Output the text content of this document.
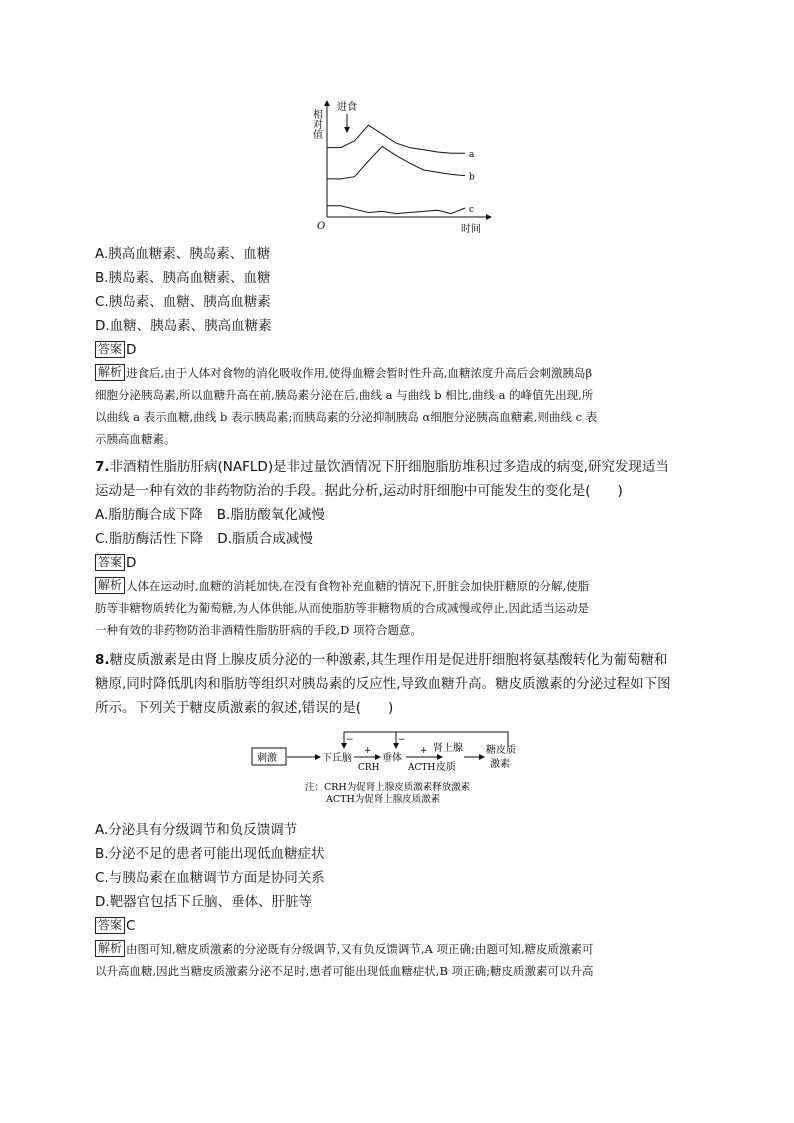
相对值
时间
O
进食
a
b
c
A.胰高血糖素、胰岛素、血糖
B.胰岛素、胰高血糖素、血糖
C.胰岛素、血糖、胰高血糖素
D.血糖、胰岛素、胰高血糖素
答案 D
解析 进食后,由于人体对食物的消化吸收作用,使得血糖会暂时性升高,血糖浓度升高后会刺激胰岛β
细胞分泌胰岛素,所以血糖升高在前,胰岛素分泌在后,曲线 a 与曲线 b 相比,曲线 a 的峰值先出现,所
以曲线 a 表示血糖,曲线 b 表示胰岛素;而胰岛素的分泌抑制胰岛 α细胞分泌胰高血糖素,则曲线 c 表
示胰高血糖素。
7.非酒精性脂肪肝病(NAFLD)是非过量饮酒情况下肝细胞脂肪堆积过多造成的病变,研究发现适当
运动是一种有效的非药物防治的手段。据此分析,运动时肝细胞中可能发生的变化是(　　)
A.脂肪酶合成下降 B.脂肪酸氧化减慢
C.脂肪酶活性下降 D.脂质合成减慢
答案 D
解析 人体在运动时,血糖的消耗加快,在没有食物补充血糖的情况下,肝脏会加快肝糖原的分解,使脂
肪等非糖物质转化为葡萄糖,为人体供能,从而使脂肪等非糖物质的合成减慢或停止,因此适当运动是
一种有效的非药物防治非酒精性脂肪肝病的手段,D 项符合题意。
8.糖皮质激素是由肾上腺皮质分泌的一种激素,其生理作用是促进肝细胞将氨基酸转化为葡萄糖和
糖原,同时降低肌肉和脂肪等组织对胰岛素的反应性,导致血糖升高。糖皮质激素的分泌过程如下图
所示。下列关于糖皮质激素的叙述,错误的是(　　)
刺激	下丘脑
+
CRH
垂体
+
ACTH
肾上腺
皮质
糖皮质
激素
−	−
注：CRH为促肾上腺皮质激素释放激素
ACTH为促肾上腺皮质激素
A.分泌具有分级调节和负反馈调节
B.分泌不足的患者可能出现低血糖症状
C.与胰岛素在血糖调节方面是协同关系
D.靶器官包括下丘脑、垂体、肝脏等
答案 C
解析 由图可知,糖皮质激素的分泌既有分级调节,又有负反馈调节,A 项正确;由题可知,糖皮质激素可
以升高血糖,因此当糖皮质激素分泌不足时,患者可能出现低血糖症状,B 项正确;糖皮质激素可以升高
